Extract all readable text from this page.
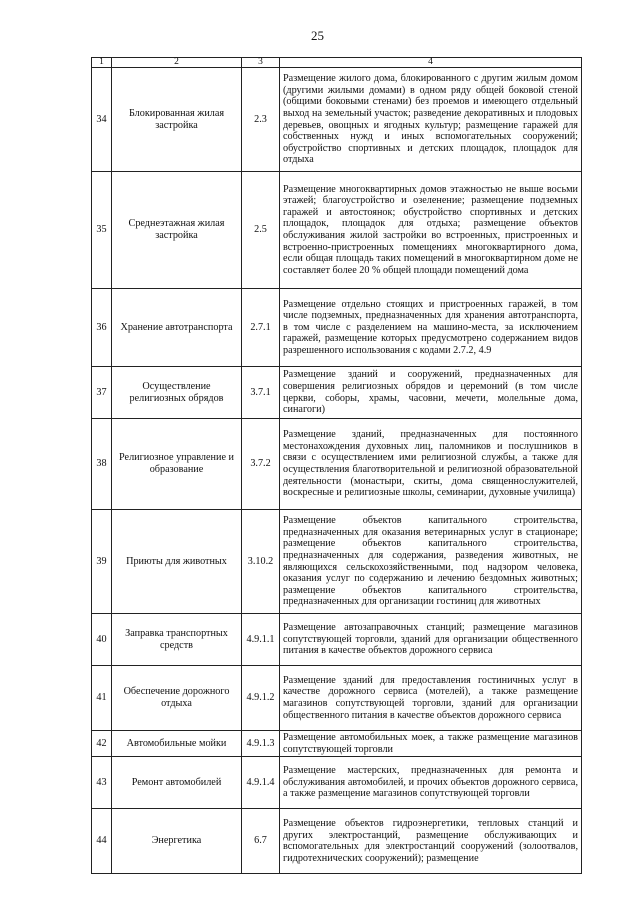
25
1	2	3	4
34	Блокированная жилая застройка	2.3	Размещение жилого дома, блокированного с другим жилым домом (другими жилыми домами) в одном ряду общей боковой стеной (общими боковыми стенами) без проемов и имеющего отдельный выход на земельный участок; разведение декоративных и плодовых деревьев, овощных и ягодных культур; размещение гаражей для собственных нужд и иных вспомогательных сооружений; обустройство спортивных и детских площадок, площадок для отдыха
35	Среднеэтажная жилая застройка	2.5	Размещение многоквартирных домов этажностью не выше восьми этажей; благоустройство и озеленение; размещение подземных гаражей и автостоянок; обустройство спортивных и детских площадок, площадок для отдыха; размещение объектов обслуживания жилой застройки во встроенных, пристроенных и встроенно-пристроенных помещениях многоквартирного дома, если общая площадь таких помещений в многоквартирном доме не составляет более 20 % общей площади помещений дома
36	Хранение автотранспорта	2.7.1	Размещение отдельно стоящих и пристроенных гаражей, в том числе подземных, предназначенных для хранения автотранспорта, в том числе с разделением на машино-места, за исключением гаражей, размещение которых предусмотрено содержанием видов разрешенного использования с кодами 2.7.2, 4.9
37	Осуществление религиозных обрядов	3.7.1	Размещение зданий и сооружений, предназначенных для совершения религиозных обрядов и церемоний (в том числе церкви, соборы, храмы, часовни, мечети, молельные дома, синагоги)
38	Религиозное управление и образование	3.7.2	Размещение зданий, предназначенных для постоянного местонахождения духовных лиц, паломников и послушников в связи с осуществлением ими религиозной службы, а также для осуществления благотворительной и религиозной образовательной деятельности (монастыри, скиты, дома священнослужителей, воскресные и религиозные школы, семинарии, духовные училища)
39	Приюты для животных	3.10.2	Размещение объектов капитального строительства, предназначенных для оказания ветеринарных услуг в стационаре; размещение объектов капитального строительства, предназначенных для содержания, разведения животных, не являющихся сельскохозяйственными, под надзором человека, оказания услуг по содержанию и лечению бездомных животных; размещение объектов капитального строительства, предназначенных для организации гостиниц для животных
40	Заправка транспортных средств	4.9.1.1	Размещение автозаправочных станций; размещение магазинов сопутствующей торговли, зданий для организации общественного питания в качестве объектов дорожного сервиса
41	Обеспечение дорожного отдыха	4.9.1.2	Размещение зданий для предоставления гостиничных услуг в качестве дорожного сервиса (мотелей), а также размещение магазинов сопутствующей торговли, зданий для организации общественного питания в качестве объектов дорожного сервиса
42	Автомобильные мойки	4.9.1.3	Размещение автомобильных моек, а также размещение магазинов сопутствующей торговли
43	Ремонт автомобилей	4.9.1.4	Размещение мастерских, предназначенных для ремонта и обслуживания автомобилей, и прочих объектов дорожного сервиса, а также размещение магазинов сопутствующей торговли
44	Энергетика	6.7	Размещение объектов гидроэнергетики, тепловых станций и других электростанций, размещение обслуживающих и вспомогательных для электростанций сооружений (золоотвалов, гидротехнических сооружений); размещение
